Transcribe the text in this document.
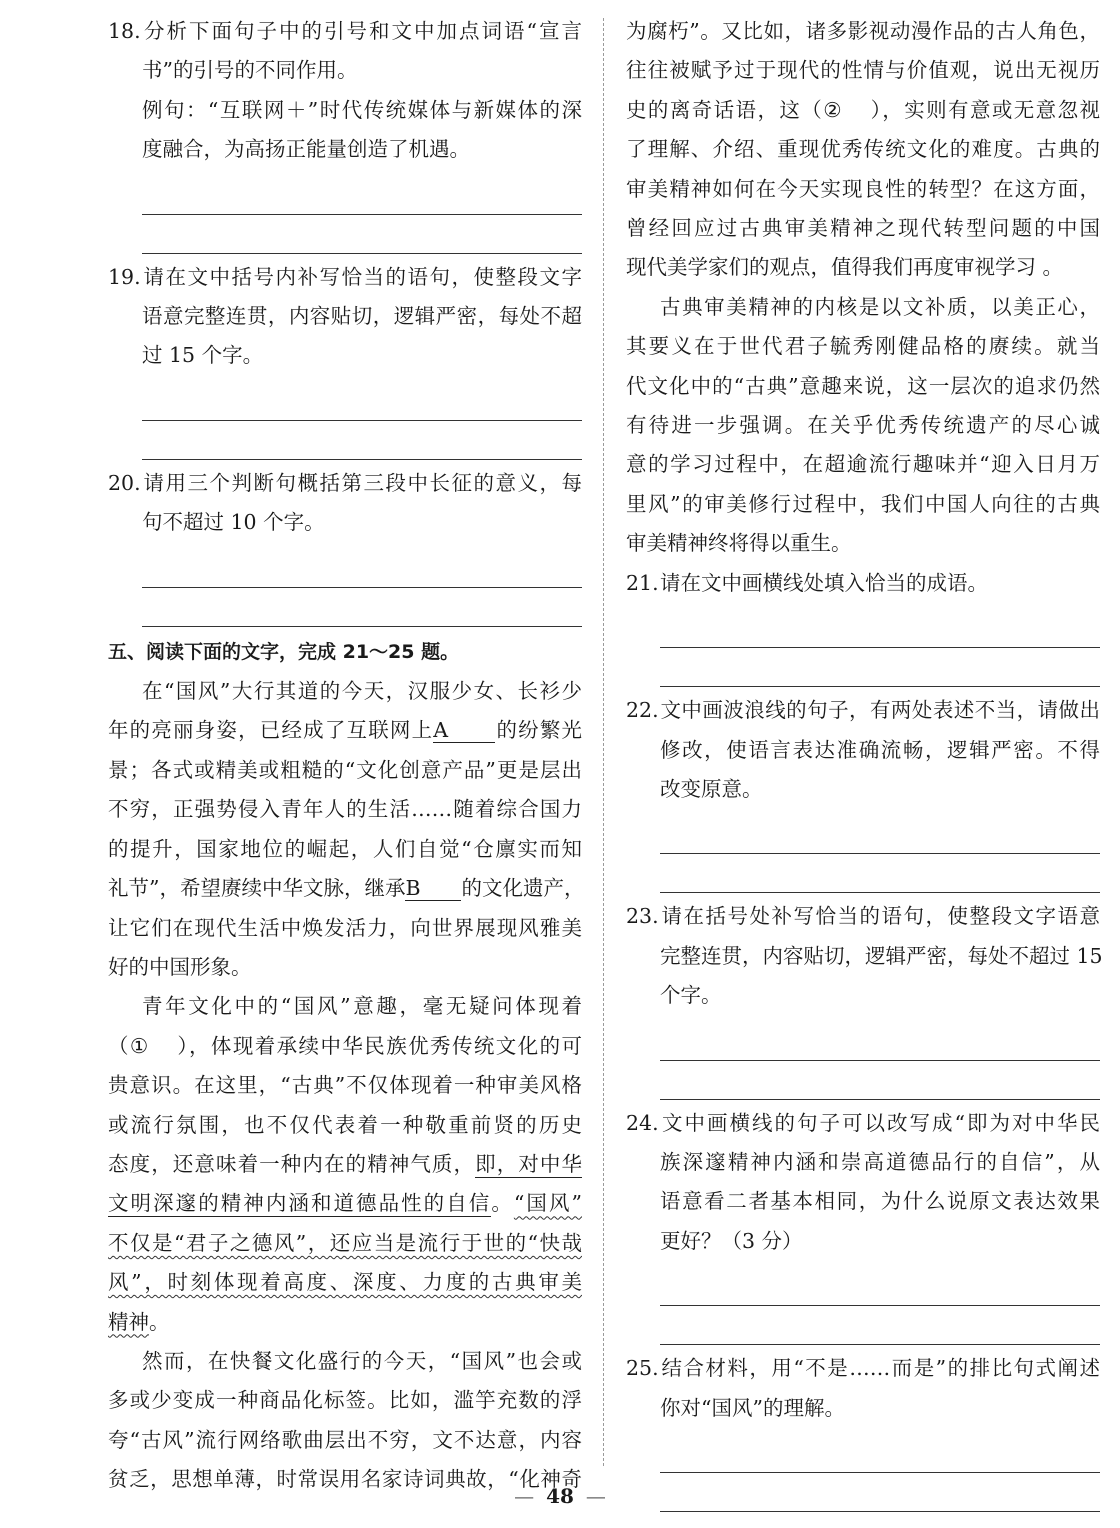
18.分析下面句子中的引号和文中加点词语“宣言
书”的引号的不同作用。
例句：“互联网＋”时代传统媒体与新媒体的深
度融合，为高扬正能量创造了机遇。
19.请在文中括号内补写恰当的语句，使整段文字
语意完整连贯，内容贴切，逻辑严密，每处不超
过 15 个字。
20.请用三个判断句概括第三段中长征的意义，每
句不超过 10 个字。
五、阅读下面的文字，完成 21～25 题。
在“国风”大行其道的今天，汉服少女、长衫少
年的亮丽身姿，已经成了互联网上A 的纷繁光
景；各式或精美或粗糙的“文化创意产品”更是层出
不穷，正强势侵入青年人的生活……随着综合国力
的提升，国家地位的崛起，人们自觉“仓廪实而知
礼节”，希望赓续中华文脉，继承B 的文化遗产，
让它们在现代生活中焕发活力，向世界展现风雅美
好的中国形象。
青年文化中的“国风”意趣，毫无疑问体现着
（① ），体现着承续中华民族优秀传统文化的可
贵意识。在这里，“古典”不仅体现着一种审美风格
或流行氛围，也不仅代表着一种敬重前贤的历史
态度，还意味着一种内在的精神气质，即，对中华
文明深邃的精神内涵和道德品性的自信。“国风”
不仅是“君子之德风”，还应当是流行于世的“快哉
风”，时刻体现着高度、深度、力度的古典审美
精神。
然而，在快餐文化盛行的今天，“国风”也会或
多或少变成一种商品化标签。比如，滥竽充数的浮
夸“古风”流行网络歌曲层出不穷，文不达意，内容
贫乏，思想单薄，时常误用名家诗词典故，“化神奇
为腐朽”。又比如，诸多影视动漫作品的古人角色，
往往被赋予过于现代的性情与价值观，说出无视历
史的离奇话语，这（② ），实则有意或无意忽视
了理解、介绍、重现优秀传统文化的难度。古典的
审美精神如何在今天实现良性的转型？在这方面，
曾经回应过古典审美精神之现代转型问题的中国
现代美学家们的观点，值得我们再度审视学习 。
古典审美精神的内核是以文补质，以美正心，
其要义在于世代君子毓秀刚健品格的赓续。就当
代文化中的“古典”意趣来说，这一层次的追求仍然
有待进一步强调。在关乎优秀传统遗产的尽心诚
意的学习过程中，在超逾流行趣味并“迎入日月万
里风”的审美修行过程中，我们中国人向往的古典
审美精神终将得以重生。
21.请在文中画横线处填入恰当的成语。
22.文中画波浪线的句子，有两处表述不当，请做出
修改，使语言表达准确流畅，逻辑严密。不得
改变原意。
23.请在括号处补写恰当的语句，使整段文字语意
完整连贯，内容贴切，逻辑严密，每处不超过 15
个字。
24.文中画横线的句子可以改写成“即为对中华民
族深邃精神内涵和崇高道德品行的自信”，从
语意看二者基本相同，为什么说原文表达效果
更好？（3 分）
25.结合材料，用“不是……而是”的排比句式阐述
你对“国风”的理解。
— 48 —
